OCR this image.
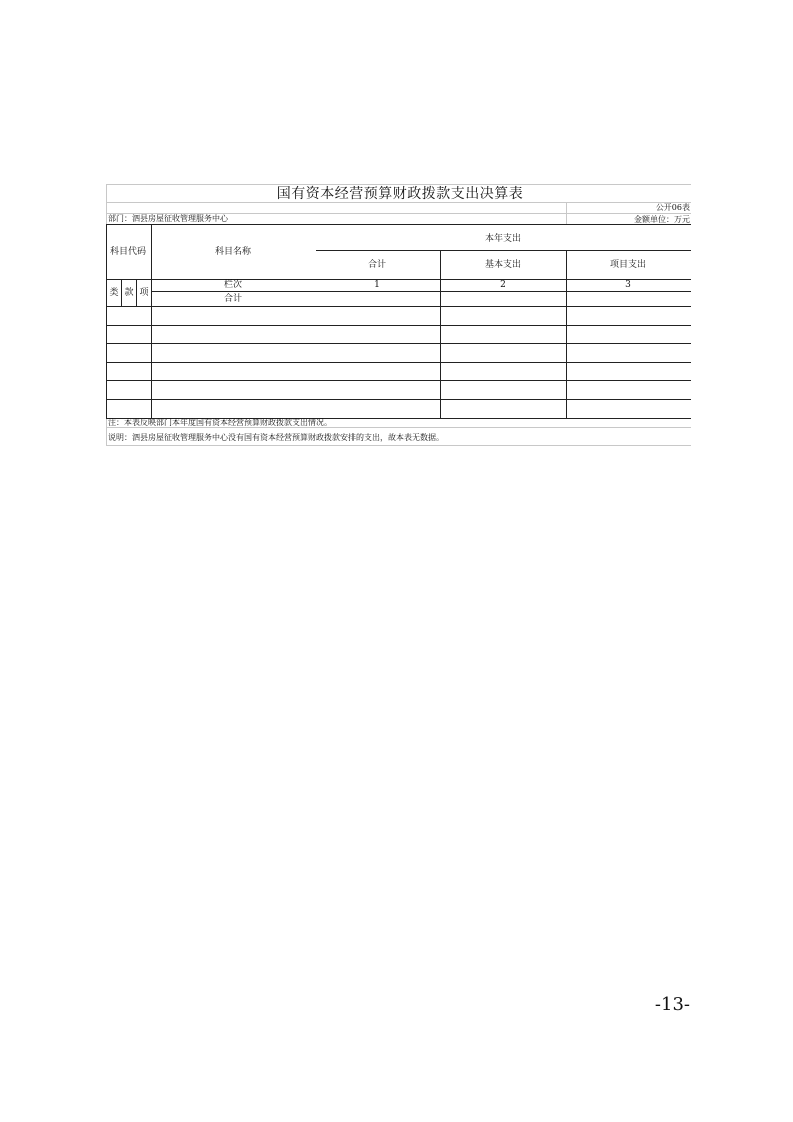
国有资本经营预算财政拨款支出决算表
公开06表
部门：泗县房屋征收管理服务中心	金额单位：万元
科目代码	科目名称
本年支出
合计	基本支出	项目支出
类 款 项
栏次	1	2	3
合计
注：本表反映部门本年度国有资本经营预算财政拨款支出情况。
说明：泗县房屋征收管理服务中心没有国有资本经营预算财政拨款安排的支出，故本表无数据。
-13-
